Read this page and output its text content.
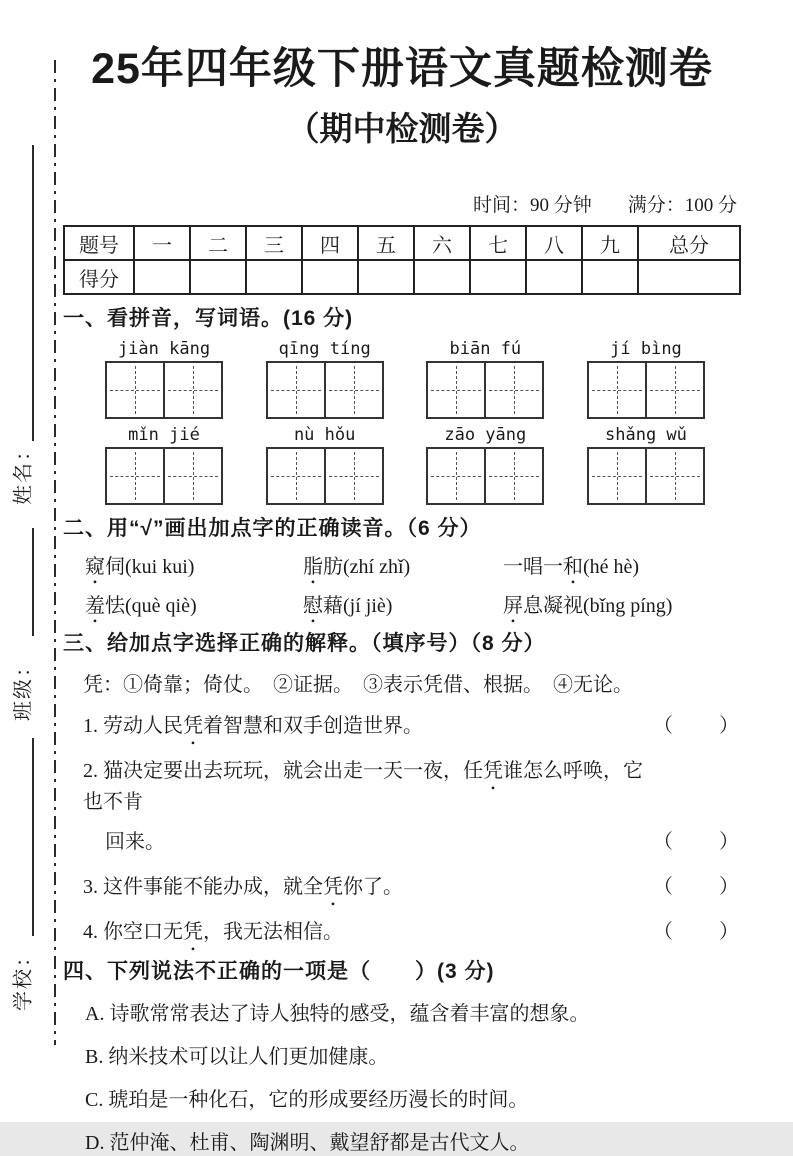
姓名：
班级：
学校：
25年四年级下册语文真题检测卷
（期中检测卷）
时间：90 分钟 满分：100 分
题号	一	二	三	四	五	六	七	八	九	总分
得分										
一、看拼音，写词语。(16 分)
jiàn kāng	qīng tíng	biān fú	jí bìng
mǐn jié	nù hǒu	zāo yāng	shǎng wǔ
二、用“√”画出加点字的正确读音。（6 分）
窥伺(kui kui)	脂肪(zhí zhǐ)	一唱一和(hé hè)
羞怯(què qiè)	慰藉(jí jiè)	屏息凝视(bǐng píng)
三、给加点字选择正确的解释。（填序号）（8 分）
凭：①倚靠；倚仗。　②证据。　③表示凭借、根据。　④无论。
1. 劳动人民凭着智慧和双手创造世界。	（　　）
2. 猫决定要出去玩玩，就会出走一天一夜，任凭谁怎么呼唤，它也不肯
回来。	（　　）
3. 这件事能不能办成，就全凭你了。	（　　）
4. 你空口无凭，我无法相信。	（　　）
四、下列说法不正确的一项是（　　）(3 分)
A. 诗歌常常表达了诗人独特的感受，蕴含着丰富的想象。
B. 纳米技术可以让人们更加健康。
C. 琥珀是一种化石，它的形成要经历漫长的时间。
D. 范仲淹、杜甫、陶渊明、戴望舒都是古代文人。
